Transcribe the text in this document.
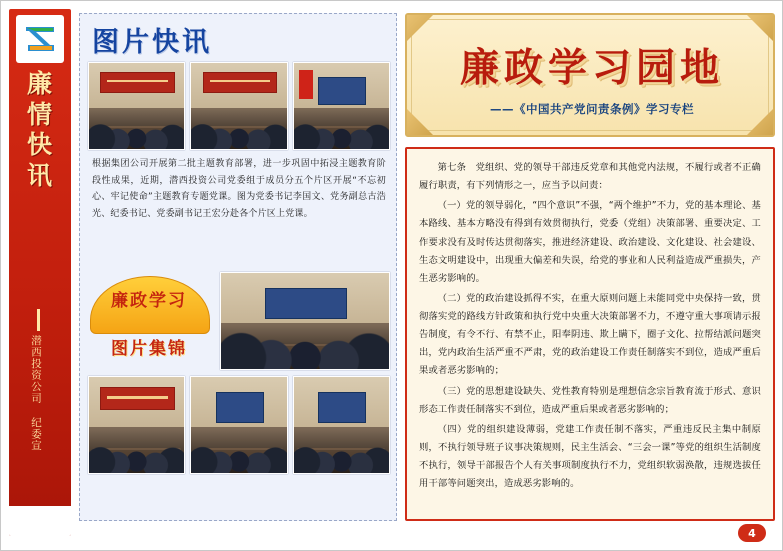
廉
情
快
讯
潜西投资公司 纪委宣
图片快讯
根据集团公司开展第二批主题教育部署，进一步巩固中拓浸主题教育阶段性成果，近期，潜西投资公司党委组于成员分五个片区开展“不忘初心、牢记使命”主题教育专题党课。图为党委书记李国文、党务副总古浩光、纪委书记、党委副书记王宏分赴各个片区上党课。
廉政学习
图片集锦
廉政学习园地
——《中国共产党问责条例》学习专栏

第七条　党组织、党的领导干部违反党章和其他党内法规，不履行或者不正确履行职责，有下列情形之一，应当予以问责：

（一）党的领导弱化，“四个意识”不强，“两个维护”不力，党的基本理论、基本路线、基本方略没有得到有效贯彻执行，党委（党组）决策部署、重要决定、工作要求没有及时传达贯彻落实，推进经济建设、政治建设、文化建设、社会建设、生态文明建设中，出现重大偏差和失误，给党的事业和人民利益造成严重损失，产生恶劣影响的。

（二）党的政治建设抓得不实，在重大原则问题上未能同党中央保持一致，贯彻落实党的路线方针政策和执行党中央重大决策部署不力，不遵守重大事项请示报告制度，有令不行、有禁不止，阳奉阴违、欺上瞒下，圈子文化、拉帮结派问题突出，党内政治生活严重不严肃，党的政治建设工作责任制落实不到位，造成严重后果或者恶劣影响的；

（三）党的思想建设缺失、党性教育特别是理想信念宗旨教育流于形式、意识形态工作责任制落实不到位，造成严重后果或者恶劣影响的；

（四）党的组织建设薄弱，党建工作责任制不落实，严重违反民主集中制原则，不执行领导班子议事决策规则，民主生活会、“三会一课”等党的组织生活制度不执行，领导干部报告个人有关事项制度执行不力，党组织软弱涣散，违规选拔任用干部等问题突出，造成恶劣影响的。

4
